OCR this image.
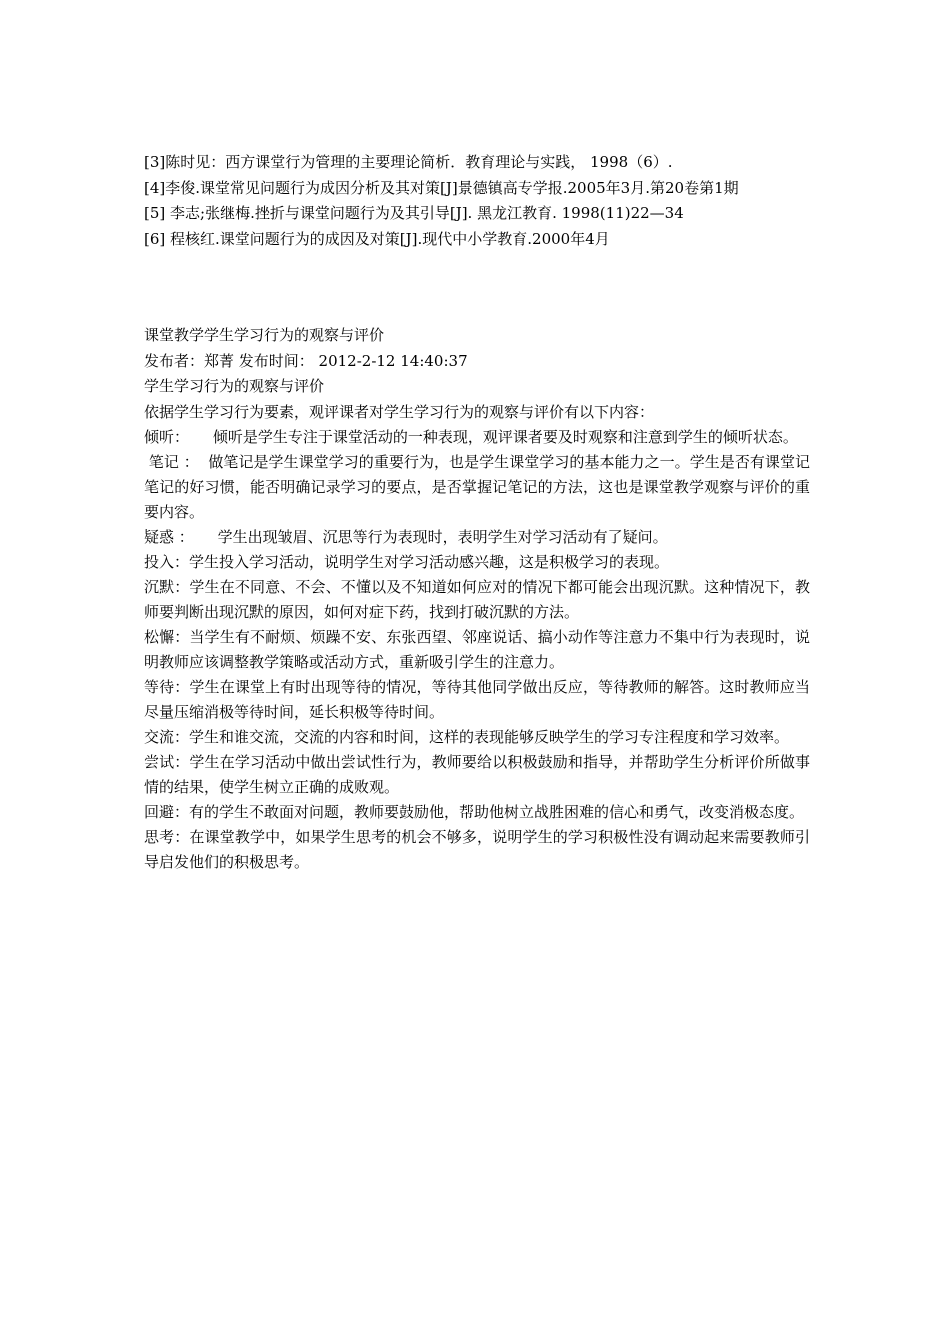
[3]陈时见：西方课堂行为管理的主要理论简析．教育理论与实践， 1998（6）.

[4]李俊.课堂常见问题行为成因分析及其对策[J]景德镇高专学报.2005年3月.第20卷第1期

[5] 李志;张继梅.挫折与课堂问题行为及其引导[J]. 黑龙江教育. 1998(11)22—34

[6] 程核红.课堂问题行为的成因及对策[J].现代中小学教育.2000年4月

课堂教学学生学习行为的观察与评价

发布者：郑菁 发布时间： 2012-2-12 14:40:37

学生学习行为的观察与评价

依据学生学习行为要素，观评课者对学生学习行为的观察与评价有以下内容：

倾听：     倾听是学生专注于课堂活动的一种表现，观评课者要及时观察和注意到学生的倾听状态。

笔记 ：  做笔记是学生课堂学习的重要行为，也是学生课堂学习的基本能力之一。学生是否有课堂记笔记的好习惯，能否明确记录学习的要点，是否掌握记笔记的方法，这也是课堂教学观察与评价的重要内容。

疑惑 ：     学生出现皱眉、沉思等行为表现时，表明学生对学习活动有了疑问。

投入：学生投入学习活动，说明学生对学习活动感兴趣，这是积极学习的表现。

沉默：学生在不同意、不会、不懂以及不知道如何应对的情况下都可能会出现沉默。这种情况下，教师要判断出现沉默的原因，如何对症下药，找到打破沉默的方法。

松懈：当学生有不耐烦、烦躁不安、东张西望、邻座说话、搞小动作等注意力不集中行为表现时，说明教师应该调整教学策略或活动方式，重新吸引学生的注意力。

等待：学生在课堂上有时出现等待的情况，等待其他同学做出反应，等待教师的解答。这时教师应当尽量压缩消极等待时间，延长积极等待时间。

交流：学生和谁交流，交流的内容和时间，这样的表现能够反映学生的学习专注程度和学习效率。

尝试：学生在学习活动中做出尝试性行为，教师要给以积极鼓励和指导，并帮助学生分析评价所做事情的结果，使学生树立正确的成败观。

回避：有的学生不敢面对问题，教师要鼓励他，帮助他树立战胜困难的信心和勇气，改变消极态度。

思考：在课堂教学中，如果学生思考的机会不够多，说明学生的学习积极性没有调动起来需要教师引导启发他们的积极思考。
